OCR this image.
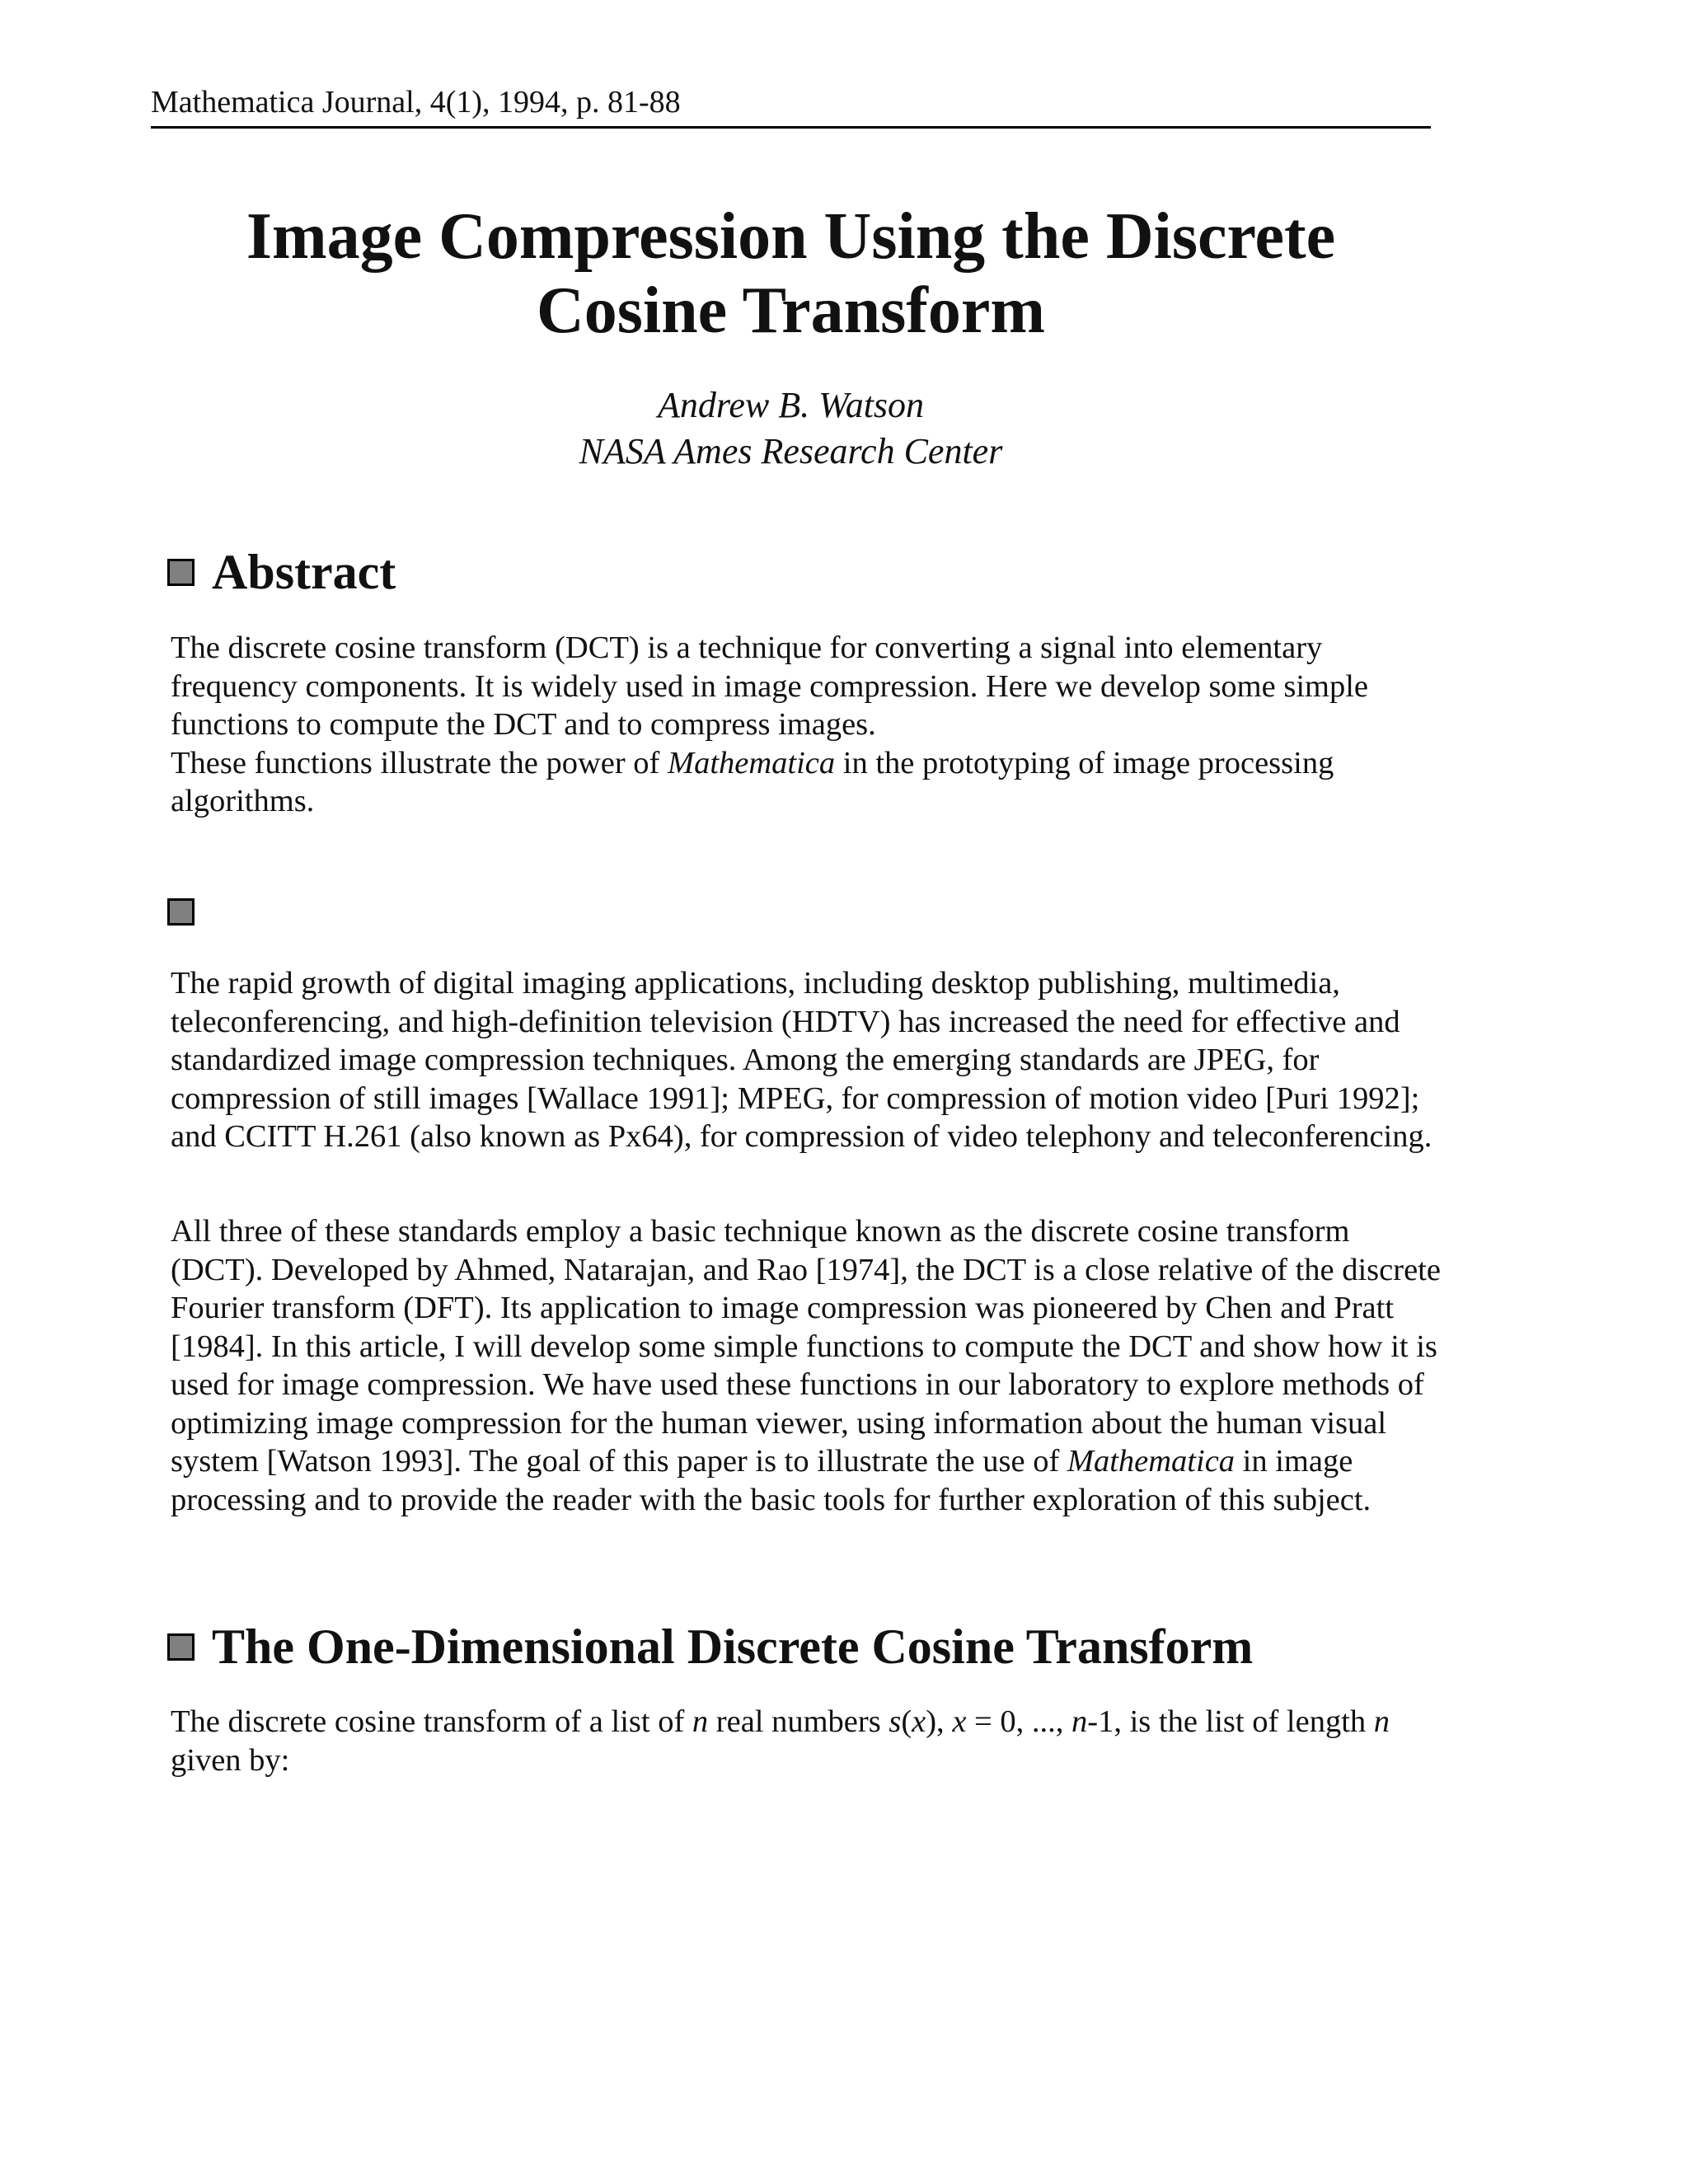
Mathematica Journal, 4(1), 1994, p. 81-88
Image Compression Using the Discrete
Cosine Transform
Andrew B. Watson
NASA Ames Research Center
Abstract

The discrete cosine transform (DCT) is a technique for converting a signal into elementary frequency components. It is widely used in image compression. Here we develop some simple functions to compute the DCT and to compress images.

These functions illustrate the power of Mathematica in the prototyping of image processing algorithms.

The rapid growth of digital imaging applications, including desktop publishing, multimedia, teleconferencing, and high-definition television (HDTV) has increased the need for effective and standardized image compression techniques. Among the emerging standards are JPEG, for compression of still images [Wallace 1991]; MPEG, for compression of motion video [Puri 1992]; and CCITT H.261 (also known as Px64), for compression of video telephony and teleconferencing.
All three of these standards employ a basic technique known as the discrete cosine transform (DCT). Developed by Ahmed, Natarajan, and Rao [1974], the DCT is a close relative of the discrete Fourier transform (DFT). Its application to image compression was pioneered by Chen and Pratt [1984]. In this article, I will develop some simple functions to compute the DCT and show how it is used for image compression. We have used these functions in our laboratory to explore methods of optimizing image compression for the human viewer, using information about the human visual system [Watson 1993]. The goal of this paper is to illustrate the use of Mathematica in image processing and to provide the reader with the basic tools for further exploration of this subject.
The One-Dimensional Discrete Cosine Transform
The discrete cosine transform of a list of n real numbers s(x), x = 0, ..., n-1, is the list of length n given by:
